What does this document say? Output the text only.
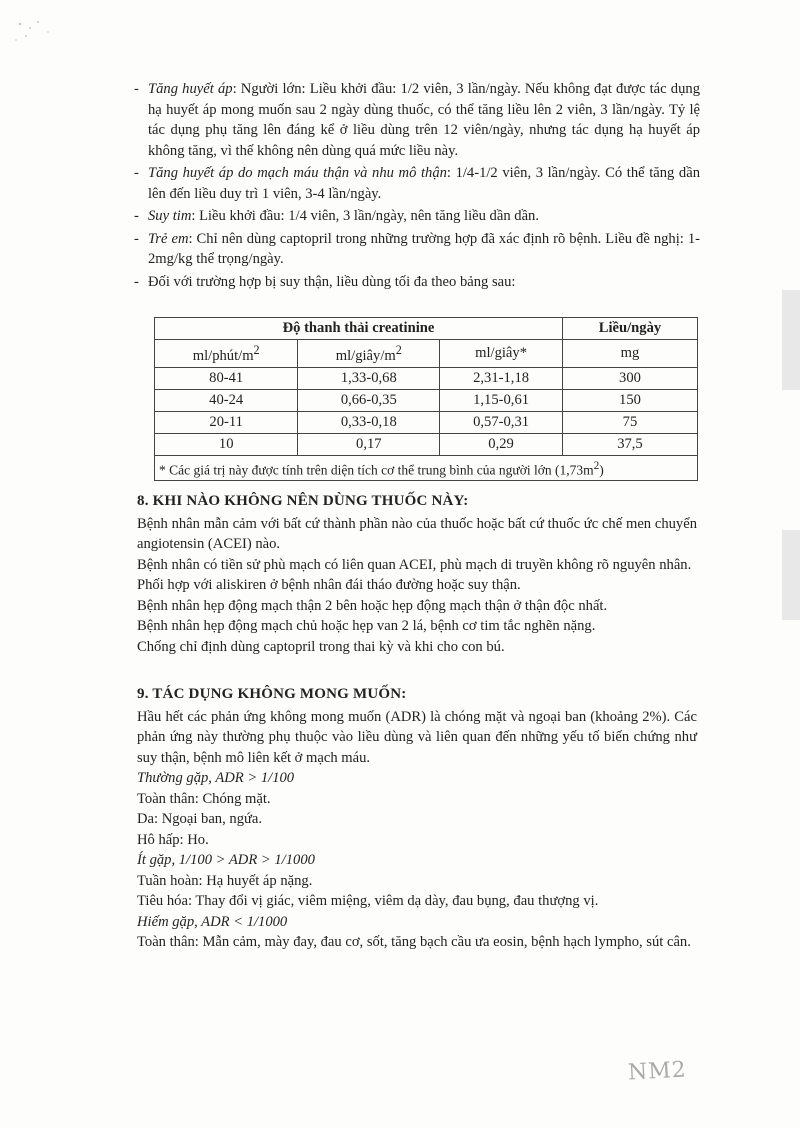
- Tăng huyết áp: Người lớn: Liều khởi đầu: 1/2 viên, 3 lần/ngày. Nếu không đạt được tác dụng hạ huyết áp mong muốn sau 2 ngày dùng thuốc, có thể tăng liều lên 2 viên, 3 lần/ngày. Tỷ lệ tác dụng phụ tăng lên đáng kể ở liều dùng trên 12 viên/ngày, nhưng tác dụng hạ huyết áp không tăng, vì thế không nên dùng quá mức liều này.
- Tăng huyết áp do mạch máu thận và nhu mô thận: 1/4-1/2 viên, 3 lần/ngày. Có thể tăng dần lên đến liều duy trì 1 viên, 3-4 lần/ngày.
- Suy tim: Liều khởi đầu: 1/4 viên, 3 lần/ngày, nên tăng liều dần dần.
- Trẻ em: Chỉ nên dùng captopril trong những trường hợp đã xác định rõ bệnh. Liều đề nghị: 1-2mg/kg thể trọng/ngày.
- Đối với trường hợp bị suy thận, liều dùng tối đa theo bảng sau:
Độ thanh thải creatinine			Liều/ngày
$ml/phút/m^2$	$ml/giây/m^2$	ml/giây*	mg
80-41	1,33-0,68	2,31-1,18	300
40-24	0,66-0,35	1,15-0,61	150
20-11	0,33-0,18	0,57-0,31	75
10	0,17	0,29	37,5
* Các giá trị này được tính trên diện tích cơ thể trung bình của người lớn $(1,73m^2)$			
8. KHI NÀO KHÔNG NÊN DÙNG THUỐC NÀY:
Bệnh nhân mẫn cảm với bất cứ thành phần nào của thuốc hoặc bất cứ thuốc ức chế men chuyển angiotensin (ACEI) nào.
Bệnh nhân có tiền sử phù mạch có liên quan ACEI, phù mạch di truyền không rõ nguyên nhân.
Phối hợp với aliskiren ở bệnh nhân đái tháo đường hoặc suy thận.
Bệnh nhân hẹp động mạch thận 2 bên hoặc hẹp động mạch thận ở thận độc nhất.
Bệnh nhân hẹp động mạch chủ hoặc hẹp van 2 lá, bệnh cơ tim tắc nghẽn nặng.
Chống chỉ định dùng captopril trong thai kỳ và khi cho con bú.
9. TÁC DỤNG KHÔNG MONG MUỐN:
Hầu hết các phản ứng không mong muốn (ADR) là chóng mặt và ngoại ban (khoảng 2%). Các phản ứng này thường phụ thuộc vào liều dùng và liên quan đến những yếu tố biến chứng như suy thận, bệnh mô liên kết ở mạch máu.
Thường gặp, ADR > 1/100
Toàn thân: Chóng mặt.
Da: Ngoại ban, ngứa.
Hô hấp: Ho.
Ít gặp, 1/100 > ADR > 1/1000
Tuần hoàn: Hạ huyết áp nặng.
Tiêu hóa: Thay đổi vị giác, viêm miệng, viêm dạ dày, đau bụng, đau thượng vị.
Hiếm gặp, ADR < 1/1000
Toàn thân: Mẫn cảm, mày đay, đau cơ, sốt, tăng bạch cầu ưa eosin, bệnh hạch lympho, sút cân.
NM2
